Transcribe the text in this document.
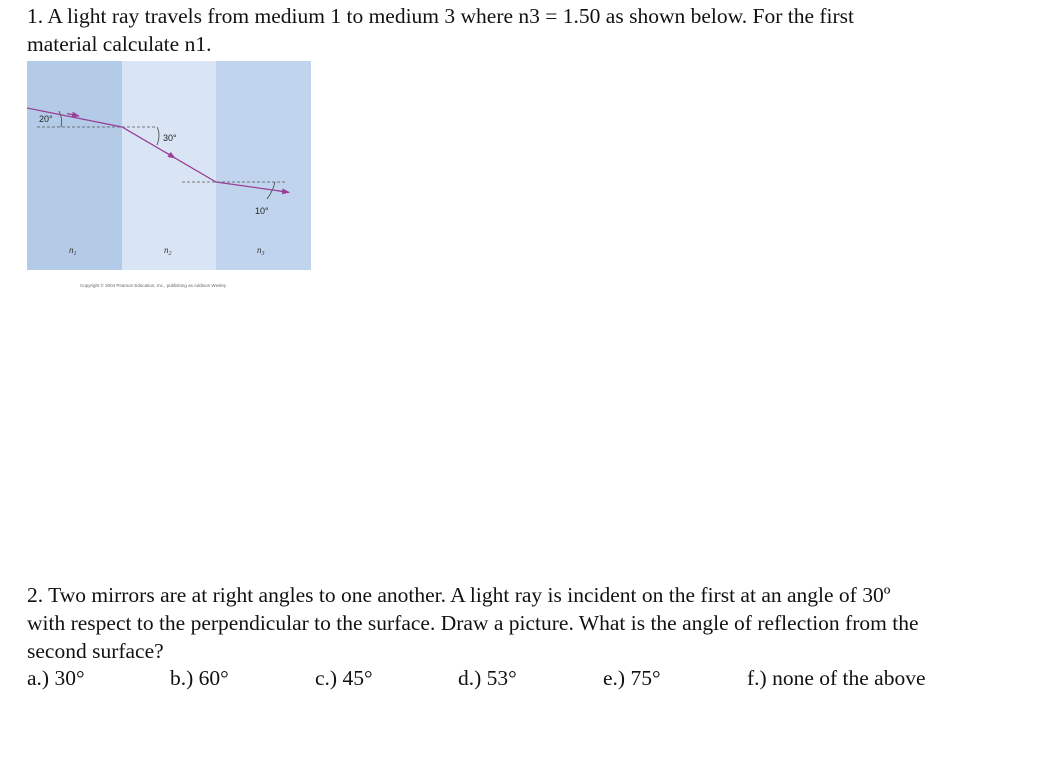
1. A light ray travels from medium 1 to medium 3 where n3 = 1.50 as shown below. For the first
material calculate n1.

20°
30°
10°
$n_1$	$n_2$	$n_3$
Copyright © 2004 Pearson Education, Inc., publishing as Addison Wesley

2. Two mirrors are at right angles to one another. A light ray is incident on the first at an angle of 30º
with respect to the perpendicular to the surface. Draw a picture. What is the angle of reflection from the
second surface?

a.) 30°	b.) 60°	c.) 45°	d.) 53°	e.) 75°	f.) none of the above
